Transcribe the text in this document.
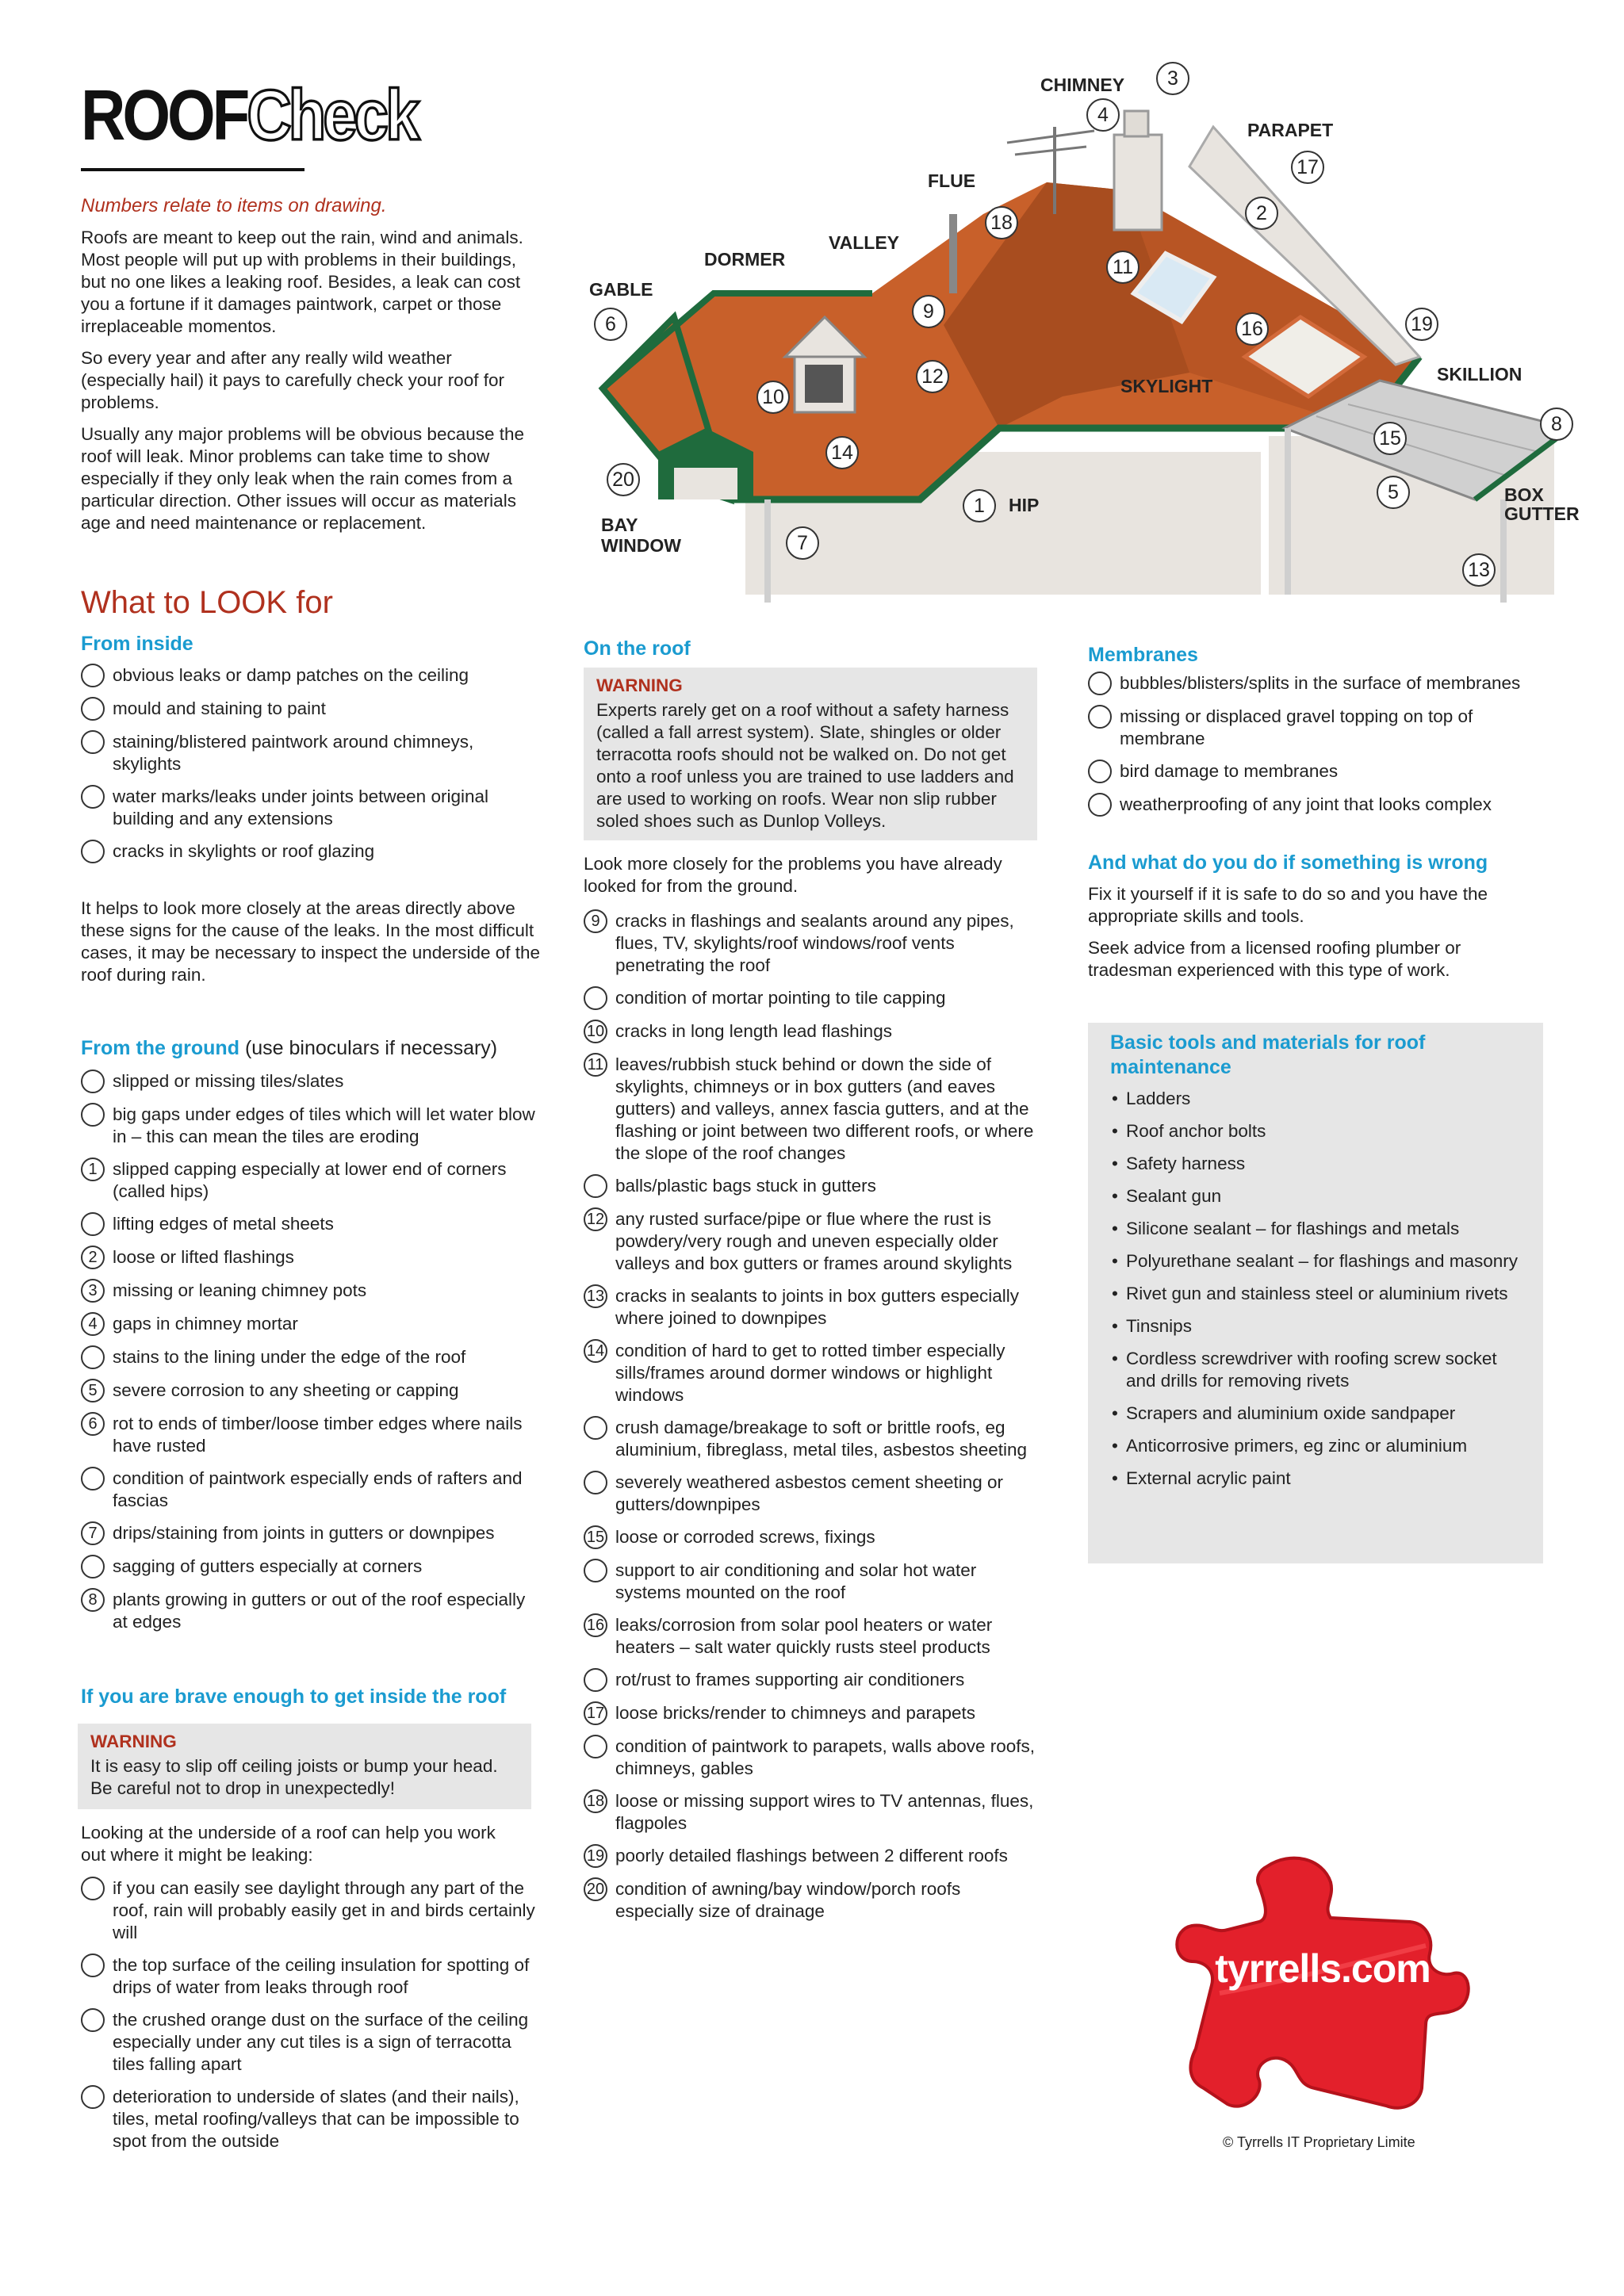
ROOFCheck
Numbers relate to items on drawing.

Roofs are meant to keep out the rain, wind and animals. Most people will put up with problems in their buildings, but no one likes a leaking roof. Besides, a leak can cost you a fortune if it damages paintwork, carpet or those irreplaceable momentos.

So every year and after any really wild weather (especially hail) it pays to carefully check your roof for problems.

Usually any major problems will be obvious because the roof will leak. Minor problems can take time to show especially if they only leak when the rain comes from a particular direction. Other issues will occur as materials age and need maintenance or replacement.

CHIMNEY
PARAPET
FLUE
VALLEY
DORMER
GABLE
SKYLIGHT
SKILLION
BOX
GUTTER
HIP
BAY
WINDOW
3
4
17
2
18
11
9
16	19
6
12
10
8
15
14
20
5
1
7
13
What to LOOK for
From inside
obvious leaks or damp patches on the ceiling
mould and staining to paint
staining/blistered paintwork around chimneys, skylights
water marks/leaks under joints between original building and any extensions
cracks in skylights or roof glazing

It helps to look more closely at the areas directly above these signs for the cause of the leaks. In the most difficult cases, it may be necessary to inspect the underside of the roof during rain.

From the ground (use binoculars if necessary)
slipped or missing tiles/slates
big gaps under edges of tiles which will let water blow in – this can mean the tiles are eroding
1 slipped capping especially at lower end of corners (called hips)
lifting edges of metal sheets
2 loose or lifted flashings
3 missing or leaning chimney pots
4 gaps in chimney mortar
stains to the lining under the edge of the roof
5 severe corrosion to any sheeting or capping
6 rot to ends of timber/loose timber edges where nails have rusted
condition of paintwork especially ends of rafters and fascias
7 drips/staining from joints in gutters or downpipes
sagging of gutters especially at corners
8 plants growing in gutters or out of the roof especially at edges
If you are brave enough to get inside the roof
WARNING
It is easy to slip off ceiling joists or bump your head. Be careful not to drop in unexpectedly!

Looking at the underside of a roof can help you work out where it might be leaking:

if you can easily see daylight through any part of the roof, rain will probably easily get in and birds certainly will
the top surface of the ceiling insulation for spotting of drips of water from leaks through roof
the crushed orange dust on the surface of the ceiling especially under any cut tiles is a sign of terracotta tiles falling apart
deterioration to underside of slates (and their nails), tiles, metal roofing/valleys that can be impossible to spot from the outside
On the roof
WARNING
Experts rarely get on a roof without a safety harness (called a fall arrest system). Slate, shingles or older terracotta roofs should not be walked on. Do not get onto a roof unless you are trained to use ladders and are used to working on roofs. Wear non slip rubber soled shoes such as Dunlop Volleys.

Look more closely for the problems you have already looked for from the ground.

9 cracks in flashings and sealants around any pipes, flues, TV, skylights/roof windows/roof vents penetrating the roof
condition of mortar pointing to tile capping
10 cracks in long length lead flashings
11 leaves/rubbish stuck behind or down the side of skylights, chimneys or in box gutters (and eaves gutters) and valleys, annex fascia gutters, and at the flashing or joint between two different roofs, or where the slope of the roof changes
balls/plastic bags stuck in gutters
12 any rusted surface/pipe or flue where the rust is powdery/very rough and uneven especially older valleys and box gutters or frames around skylights
13 cracks in sealants to joints in box gutters especially where joined to downpipes
14 condition of hard to get to rotted timber especially sills/frames around dormer windows or highlight windows
crush damage/breakage to soft or brittle roofs, eg aluminium, fibreglass, metal tiles, asbestos sheeting
severely weathered asbestos cement sheeting or gutters/downpipes
15 loose or corroded screws, fixings
support to air conditioning and solar hot water systems mounted on the roof
16 leaks/corrosion from solar pool heaters or water heaters – salt water quickly rusts steel products
rot/rust to frames supporting air conditioners
17 loose bricks/render to chimneys and parapets
condition of paintwork to parapets, walls above roofs, chimneys, gables
18 loose or missing support wires to TV antennas, flues, flagpoles
19 poorly detailed flashings between 2 different roofs
20 condition of awning/bay window/porch roofs especially size of drainage
Membranes
bubbles/blisters/splits in the surface of membranes
missing or displaced gravel topping on top of membrane
bird damage to membranes
weatherproofing of any joint that looks complex
And what do you do if something is wrong

Fix it yourself if it is safe to do so and you have the appropriate skills and tools.

Seek advice from a licensed roofing plumber or tradesman experienced with this type of work.

Basic tools and materials for roof maintenance
• Ladders
• Roof anchor bolts
• Safety harness
• Sealant gun
• Silicone sealant – for flashings and metals
• Polyurethane sealant – for flashings and masonry
• Rivet gun and stainless steel or aluminium rivets
• Tinsnips
• Cordless screwdriver with roofing screw socket and drills for removing rivets
• Scrapers and aluminium oxide sandpaper
• Anticorrosive primers, eg zinc or aluminium
• External acrylic paint
tyrrells.com
© Tyrrells IT Proprietary Limite
